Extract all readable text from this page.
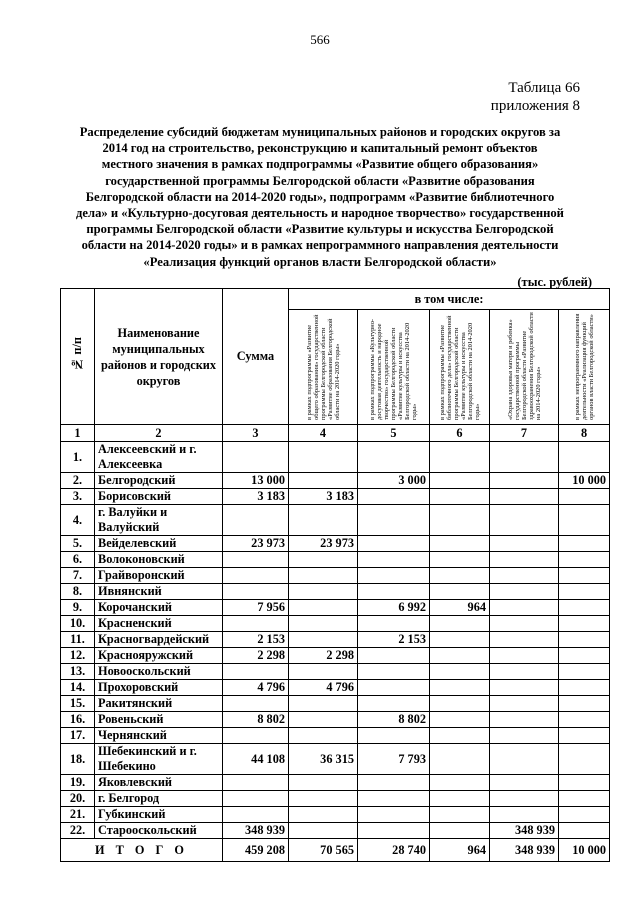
566
Таблица 66
приложения 8
Распределение субсидий бюджетам муниципальных районов и городских округов за 2014 год на строительство, реконструкцию и капитальный ремонт объектов местного значения в рамках подпрограммы «Развитие общего образования» государственной программы Белгородской области «Развитие образования Белгородской области на 2014-2020 годы», подпрограмм «Развитие библиотечного дела» и «Культурно-досуговая деятельность и народное творчество» государственной программы Белгородской области «Развитие культуры и искусства Белгородской области на 2014-2020 годы» и в рамках непрограммного направления деятельности «Реализация функций органов власти Белгородской области»
(тыс. рублей)
№ п/п	Наименование муниципальных районов и городских округов	Сумма	в том числе:				

			в рамках подпрограммы «Развитие общего образования» государственной программы Белгородской области «Развитие образования Белгородской области на 2014-2020 годы»	в рамках подпрограммы «Культурно-досуговая деятельность и народное творчество» государственной программы Белгородской области «Развитие культуры и искусства Белгородской области на 2014-2020 годы»	в рамках подпрограммы «Развитие библиотечного дела» государственной программы Белгородской области «Развитие культуры и искусства Белгородской области на 2014-2020 годы»	«Охрана здоровья матери и ребенка» государственной программы Белгородской области «Развитие здравоохранения Белгородской области на 2014-2020 годы»	в рамках непрограммного направления деятельности «Реализация функций органов власти Белгородской области»

1	2	3	4	5	6	7	8
1.	Алексеевский и г. Алексеевка						
2.	Белгородский	13 000		3 000			10 000
3.	Борисовский	3 183	3 183				
4.	г. Валуйки и Валуйский						
5.	Вейделевский	23 973	23 973				
6.	Волоконовский						
7.	Грайворонский						
8.	Ивнянский						
9.	Корочанский	7 956		6 992	964		
10.	Красненский						
11.	Красногвардейский	2 153		2 153			
12.	Краснояружский	2 298	2 298				
13.	Новооскольский						
14.	Прохоровский	4 796	4 796				
15.	Ракитянский						
16.	Ровеньский	8 802		8 802			
17.	Чернянский						
18.	Шебекинский и г. Шебекино	44 108	36 315	7 793			
19.	Яковлевский						
20.	г. Белгород						
21.	Губкинский						
22.	Старооскольский	348 939				348 939	
И Т О Г О		459 208	70 565	28 740	964	348 939	10 000
